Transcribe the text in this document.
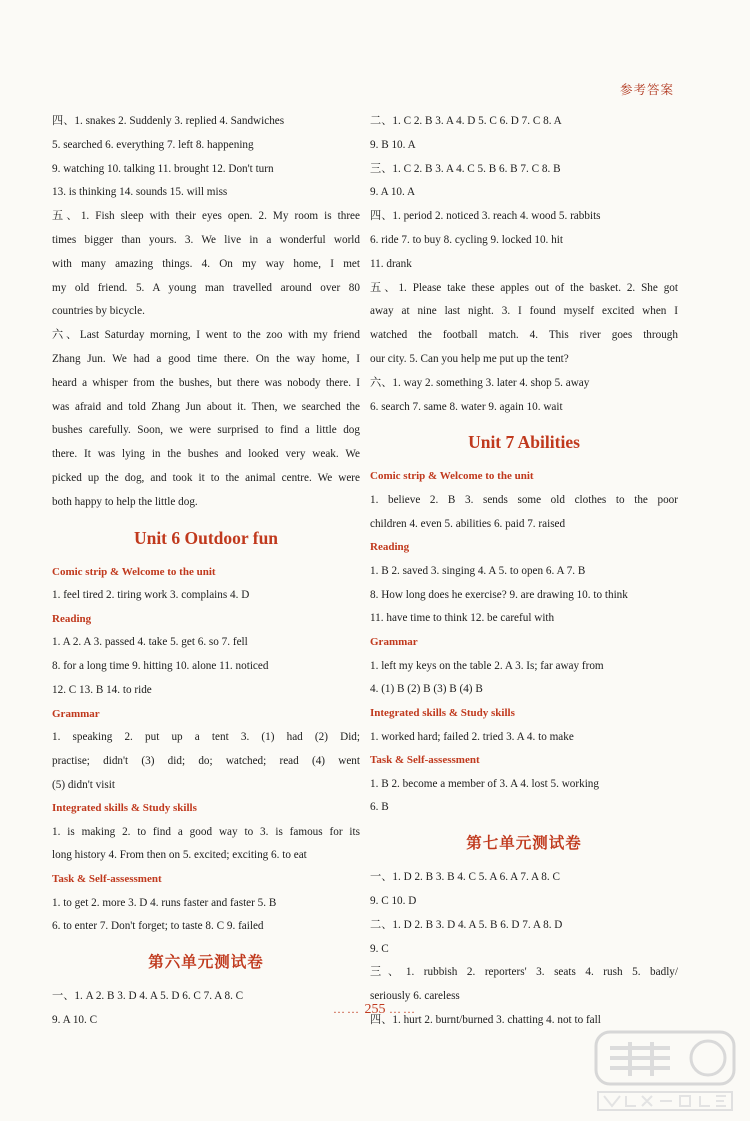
参考答案
四、1. snakes 2. Suddenly 3. replied 4. Sandwiches
5. searched 6. everything 7. left 8. happening
9. watching 10. talking 11. brought 12. Don't turn
13. is thinking 14. sounds 15. will miss
五、1. Fish sleep with their eyes open. 2. My room is three
times bigger than yours. 3. We live in a wonderful world
with many amazing things. 4. On my way home, I met
my old friend. 5. A young man travelled around over 80
countries by bicycle.
六、Last Saturday morning, I went to the zoo with my friend
Zhang Jun. We had a good time there. On the way home, I
heard a whisper from the bushes, but there was nobody there. I
was afraid and told Zhang Jun about it. Then, we searched the
bushes carefully. Soon, we were surprised to find a little dog
there. It was lying in the bushes and looked very weak. We
picked up the dog, and took it to the animal centre. We were
both happy to help the little dog.
Unit 6 Outdoor fun
Comic strip & Welcome to the unit
1. feel tired 2. tiring work 3. complains 4. D
Reading
1. A 2. A 3. passed 4. take 5. get 6. so 7. fell
8. for a long time 9. hitting 10. alone 11. noticed
12. C 13. B 14. to ride
Grammar
1. speaking 2. put up a tent 3. (1) had (2) Did;
practise; didn't (3) did; do; watched; read (4) went
(5) didn't visit
Integrated skills & Study skills
1. is making 2. to find a good way to 3. is famous for its
long history 4. From then on 5. excited; exciting 6. to eat
Task & Self-assessment
1. to get 2. more 3. D 4. runs faster and faster 5. B
6. to enter 7. Don't forget; to taste 8. C 9. failed
第六单元测试卷
一、1. A 2. B 3. D 4. A 5. D 6. C 7. A 8. C
9. A 10. C
二、1. C 2. B 3. A 4. D 5. C 6. D 7. C 8. A
9. B 10. A
三、1. C 2. B 3. A 4. C 5. B 6. B 7. C 8. B
9. A 10. A
四、1. period 2. noticed 3. reach 4. wood 5. rabbits
6. ride 7. to buy 8. cycling 9. locked 10. hit
11. drank
五、1. Please take these apples out of the basket. 2. She got
away at nine last night. 3. I found myself excited when I
watched the football match. 4. This river goes through
our city. 5. Can you help me put up the tent?
六、1. way 2. something 3. later 4. shop 5. away
6. search 7. same 8. water 9. again 10. wait
Unit 7 Abilities
Comic strip & Welcome to the unit
1. believe 2. B 3. sends some old clothes to the poor
children 4. even 5. abilities 6. paid 7. raised
Reading
1. B 2. saved 3. singing 4. A 5. to open 6. A 7. B
8. How long does he exercise? 9. are drawing 10. to think
11. have time to think 12. be careful with
Grammar
1. left my keys on the table 2. A 3. Is; far away from
4. (1) B (2) B (3) B (4) B
Integrated skills & Study skills
1. worked hard; failed 2. tried 3. A 4. to make
Task & Self-assessment
1. B 2. become a member of 3. A 4. lost 5. working
6. B
第七单元测试卷
一、1. D 2. B 3. B 4. C 5. A 6. A 7. A 8. C
9. C 10. D
二、1. D 2. B 3. D 4. A 5. B 6. D 7. A 8. D
9. C
三、1. rubbish 2. reporters' 3. seats 4. rush 5. badly/
seriously 6. careless
四、1. hurt 2. burnt/burned 3. chatting 4. not to fall
…… 255 ……
